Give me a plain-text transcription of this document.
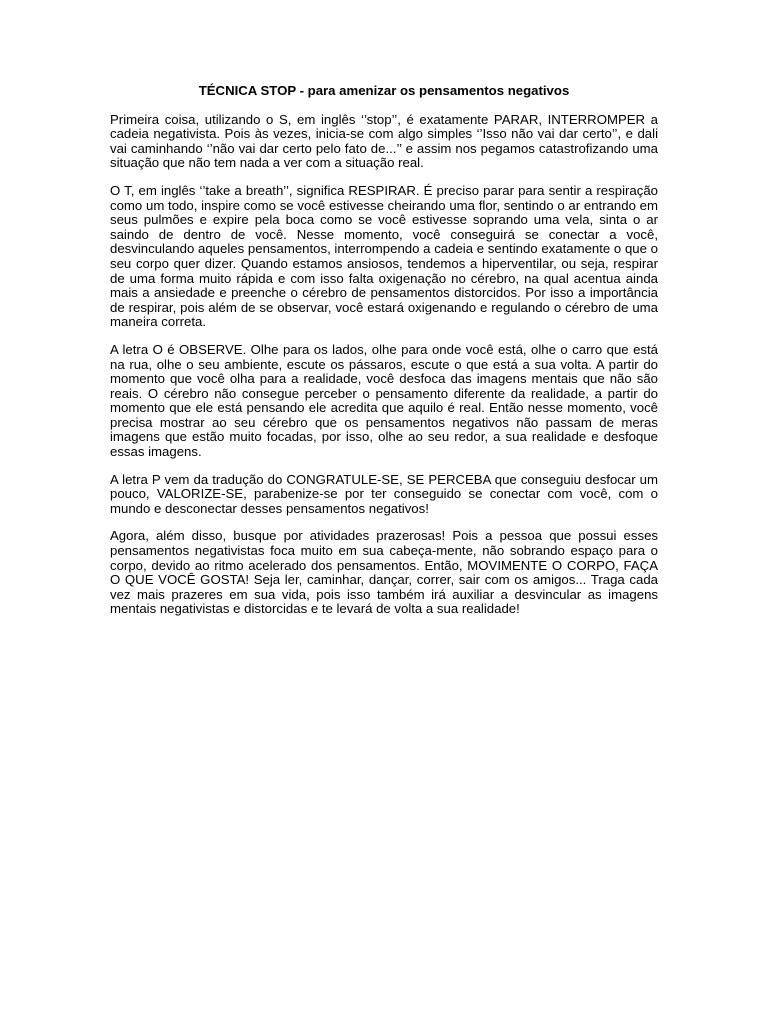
TÉCNICA STOP - para amenizar os pensamentos negativos

Primeira coisa, utilizando o S, em inglês ‘’stop’’, é exatamente PARAR, INTERROMPER a cadeia negativista. Pois às vezes, inicia-se com algo simples ‘’Isso não vai dar certo’’, e dali vai caminhando ‘’não vai dar certo pelo fato de...’’ e assim nos pegamos catastrofizando uma situação que não tem nada a ver com a situação real.

O T, em inglês ‘’take a breath’’, significa RESPIRAR. É preciso parar para sentir a respiração como um todo, inspire como se você estivesse cheirando uma flor, sentindo o ar entrando em seus pulmões e expire pela boca como se você estivesse soprando uma vela, sinta o ar saindo de dentro de você. Nesse momento, você conseguirá se conectar a você, desvinculando aqueles pensamentos, interrompendo a cadeia e sentindo exatamente o que o seu corpo quer dizer. Quando estamos ansiosos, tendemos a hiperventilar, ou seja, respirar de uma forma muito rápida e com isso falta oxigenação no cérebro, na qual acentua ainda mais a ansiedade e preenche o cérebro de pensamentos distorcidos. Por isso a importância de respirar, pois além de se observar, você estará oxigenando e regulando o cérebro de uma maneira correta.

A letra O é OBSERVE. Olhe para os lados, olhe para onde você está, olhe o carro que está na rua, olhe o seu ambiente, escute os pássaros, escute o que está a sua volta. A partir do momento que você olha para a realidade, você desfoca das imagens mentais que não são reais. O cérebro não consegue perceber o pensamento diferente da realidade, a partir do momento que ele está pensando ele acredita que aquilo é real. Então nesse momento, você precisa mostrar ao seu cérebro que os pensamentos negativos não passam de meras imagens que estão muito focadas, por isso, olhe ao seu redor, a sua realidade e desfoque essas imagens.

A letra P vem da tradução do CONGRATULE-SE, SE PERCEBA que conseguiu desfocar um pouco, VALORIZE-SE, parabenize-se por ter conseguido se conectar com você, com o mundo e desconectar desses pensamentos negativos!

Agora, além disso, busque por atividades prazerosas! Pois a pessoa que possui esses pensamentos negativistas foca muito em sua cabeça-mente, não sobrando espaço para o corpo, devido ao ritmo acelerado dos pensamentos. Então, MOVIMENTE O CORPO, FAÇA O QUE VOCÊ GOSTA! Seja ler, caminhar, dançar, correr, sair com os amigos... Traga cada vez mais prazeres em sua vida, pois isso também irá auxiliar a desvincular as imagens mentais negativistas e distorcidas e te levará de volta a sua realidade!
